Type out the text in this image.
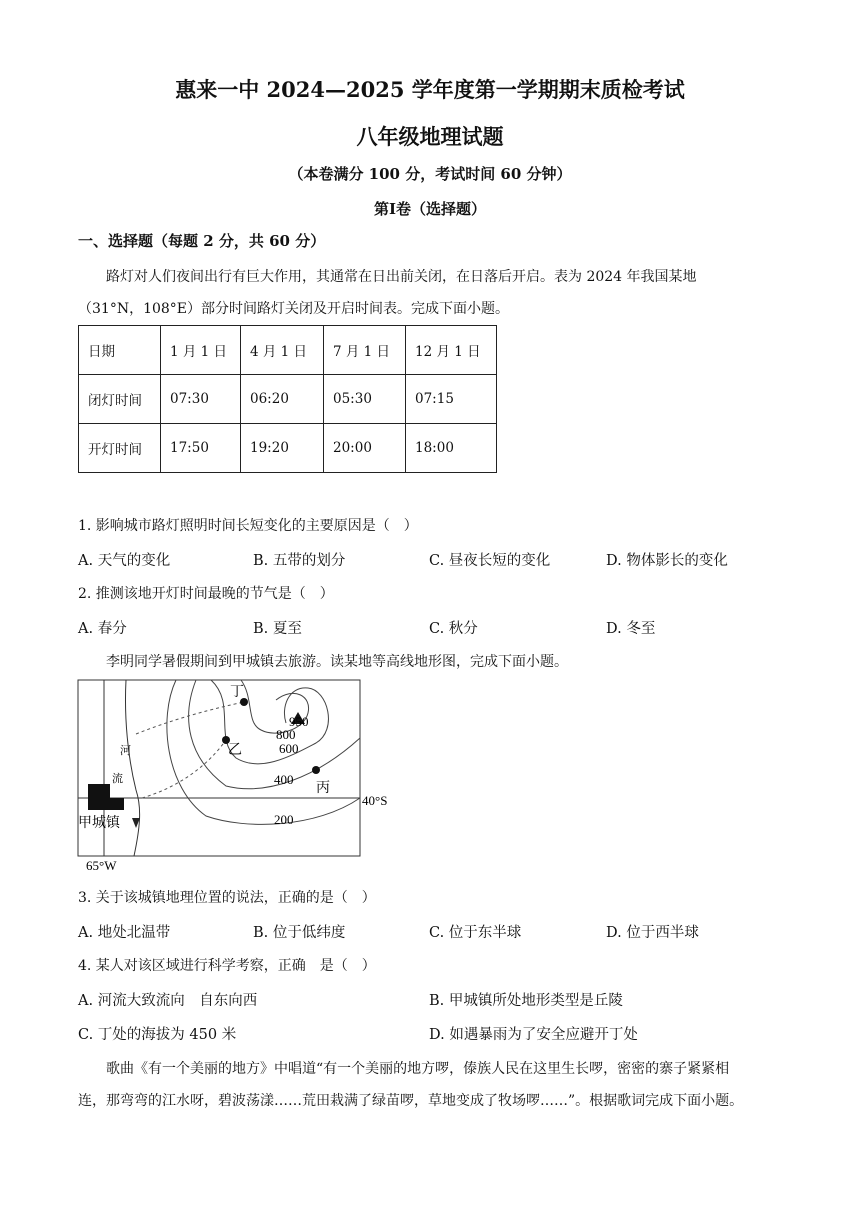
惠来一中 2024—2025 学年度第一学期期末质检考试
八年级地理试题
（本卷满分 100 分，考试时间 60 分钟）
第Ⅰ卷（选择题）
一、选择题（每题 2 分，共 60 分）
路灯对人们夜间出行有巨大作用，其通常在日出前关闭，在日落后开启。表为 2024 年我国某地
（31°N，108°E）部分时间路灯关闭及开启时间表。完成下面小题。
日期	1 月 1 日	4 月 1 日	7 月 1 日	12 月 1 日
闭灯时间	07:30	06:20	05:30	07:15
开灯时间	17:50	19:20	20:00	18:00
1. 影响城市路灯照明时间长短变化的主要原因是（　）
A. 天气的变化	B. 五带的划分	C. 昼夜长短的变化	D. 物体影长的变化
2. 推测该地开灯时间最晚的节气是（　）
A. 春分	B. 夏至	C. 秋分	D. 冬至
李明同学暑假期间到甲城镇去旅游。读某地等高线地形图，完成下面小题。
950
800
600
400
200
丁
乙
丙
甲城镇
河
流
40°S
65°W
3. 关于该城镇地理位置的说法，正确的是（　）
A. 地处北温带	B. 位于低纬度	C. 位于东半球	D. 位于西半球
4. 某人对该区域进行科学考察，正确　是（　）
A. 河流大致流向　自东向西	B. 甲城镇所处地形类型是丘陵
C. 丁处的海拔为 450 米	D. 如遇暴雨为了安全应避开丁处
歌曲《有一个美丽的地方》中唱道“有一个美丽的地方啰，傣族人民在这里生长啰，密密的寨子紧紧相
连，那弯弯的江水呀，碧波荡漾……荒田栽满了绿苗啰，草地变成了牧场啰……”。根据歌词完成下面小题。
